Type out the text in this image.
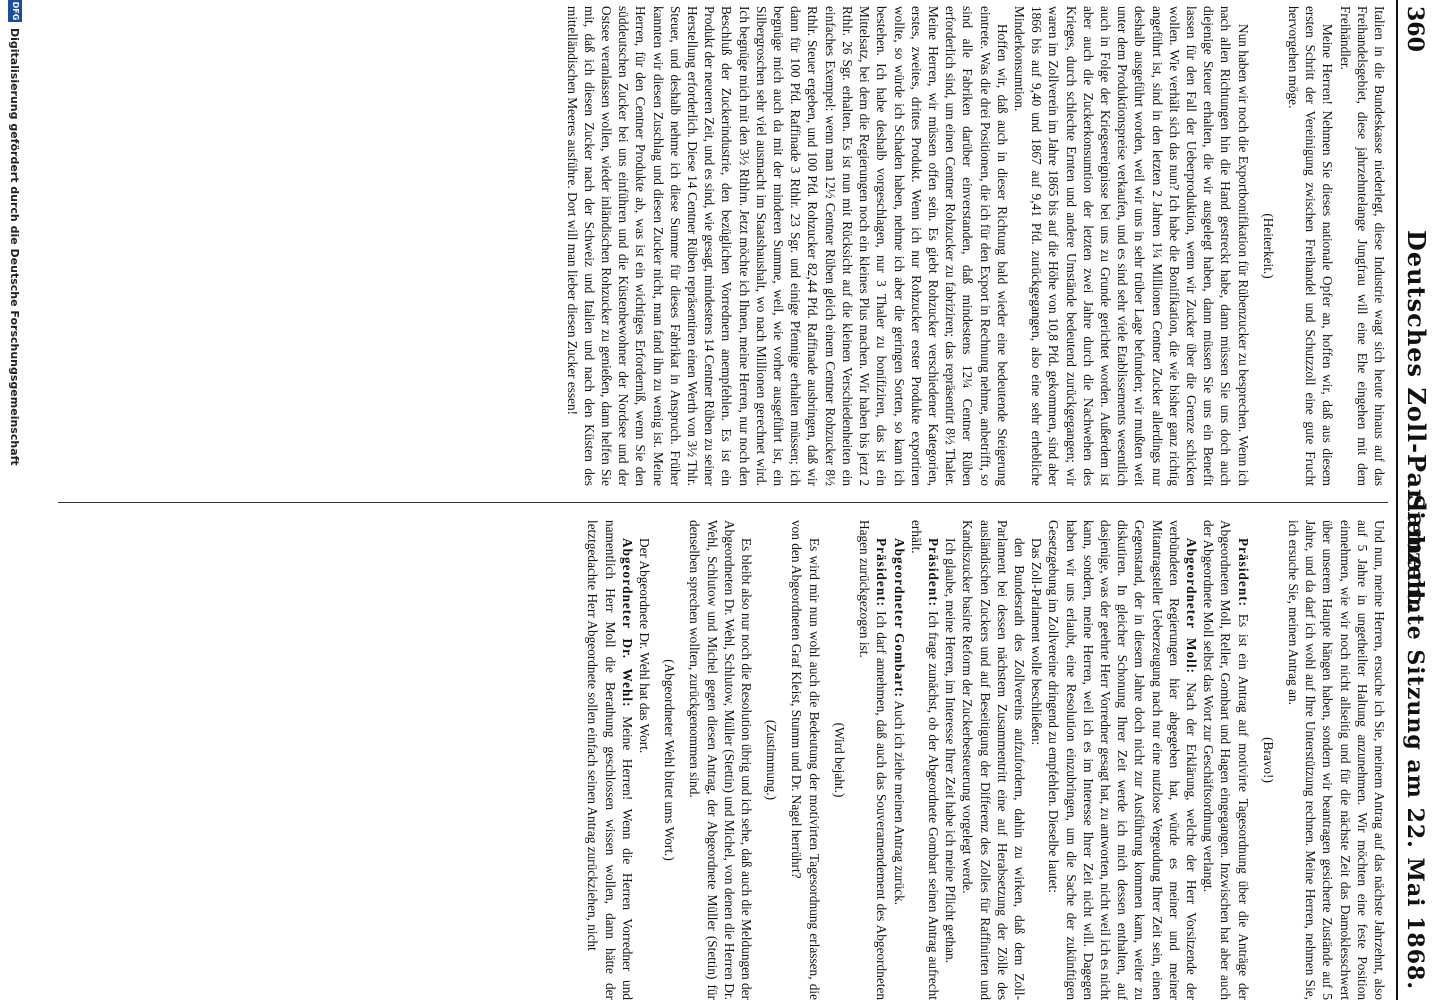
360
Deutsches Zoll-Parlament.
Siebzehnte Sitzung am 22. Mai 1868.

Italien in die Bundeskasse niederlegt, diese Industrie wagt sich heute hinaus auf das Freihandelsgebiet, diese jahrzehntelange Jungfrau will eine Ehe eingehen mit dem Freihändler.

Meine Herren! Nehmen Sie dieses nationale Opfer an, hoffen wir, daß aus diesem ersten Schritt der Vereinigung zwischen Freihandel und Schutzzoll eine gute Frucht hervorgehen möge.

(Heiterkeit.)

Nun haben wir noch die Exportbonifikation für Rübenzucker zu besprechen. Wenn ich nach allen Richtungen hin die Hand gestreckt habe, dann müssen Sie uns doch auch diejenige Steuer erhalten, die wir ausgelegt haben, dann müssen Sie uns ein Benefit lassen für den Fall der Ueberproduktion, wenn wir Zucker über die Grenze schicken wollen. Wie verhält sich das nun? Ich habe die Bonifikation, die wie bisher ganz richtig angeführt ist, sind in den letzten 2 Jahren 1¼ Millionen Centner Zucker allerdings nur deshalb ausgeführt worden, weil wir uns in sehr trüber Lage befunden; wir mußten weit unter dem Produktionspreise verkaufen, und es sind sehr viele Etablissements wesentlich auch in Folge der Kriegsereignisse bei uns zu Grunde gerichtet worden. Außerdem ist aber auch die Zuckerkonsumtion der letzten zwei Jahre durch die Nachwehen des Krieges, durch schlechte Ernten und andere Umstände bedeutend zurückgegangen; wir waren im Zollverein im Jahre 1865 bis auf die Höhe von 10,8 Pfd. gekommen, sind aber 1866 bis auf 9,40 und 1867 auf 9,41 Pfd. zurückgegangen, also eine sehr erhebliche Minderkonsumtion.

Hoffen wir, daß auch in dieser Richtung bald wieder eine bedeutende Steigerung eintrete. Was die drei Positionen, die ich für den Export in Rechnung nehme, anbetrifft, so sind alle Fabriken darüber einverstanden, daß mindestens 12¼ Centner Rüben erforderlich sind, um einen Centner Rohzucker zu fabriziren; das repräsentirt 8½ Thaler. Meine Herren, wir müssen offen sein. Es giebt Rohzucker verschiedener Kategorien, erstes, zweites, drittes Produkt. Wenn ich nur Rohzucker erster Produkte exportiren wollte, so würde ich Schaden haben, nehme ich aber die geringen Sorten, so kann ich bestehen. Ich habe deshalb vorgeschlagen, nur 3 Thaler zu bonifiziren, das ist ein Mittelsatz, bei dem die Regierungen noch ein kleines Plus machen. Wir haben bis jetzt 2 Rthlr. 26 Sgr. erhalten. Es ist nun mit Rücksicht auf die kleinen Verschiedenheiten ein einfaches Exempel: wenn man 12½ Centner Rüben gleich einem Centner Rohzucker 8½ Rthlr. Steuer ergeben, und 100 Pfd. Rohzucker 82,44 Pfd. Raffinade ausbringen, daß wir dann für 100 Pfd. Raffinade 3 Rthlr. 23 Sgr. und einige Pfennige erhalten müssen; ich begnüge mich auch da mit der minderen Summe, weil, wie vorher ausgeführt ist, ein Silbergroschen sehr viel ausmacht im Staatshaushalt, wo nach Millionen gerechnet wird. Ich begnüge mich mit den 3½ Rthlrn. Jetzt möchte ich Ihnen, meine Herren, nur noch den Beschluß der Zuckerindustrie, den bezüglichen Vorrednern anempfehlen. Es ist ein Produkt der neueren Zeit, und es sind, wie gesagt, mindestens 14 Centner Rüben zu seiner Herstellung erforderlich. Diese 14 Centner Rüben repräsentiren einen Werth von 3½ Thlr. Steuer, und deshalb nehme ich diese Summe für dieses Fabrikat in Anspruch. Früher kannten wir diesen Zuschlag und diesen Zucker nicht, man fand ihn zu wenig ist. Meine Herren, für den Centner Produkte ab, was ist ein wichtiges Erforderniß, wenn Sie den süddeutschen Zucker bei uns einführen und die Küstenbewohner der Nordsee und der Ostsee veranlassen wollen, wieder inländischen Rohzucker zu genießen, dann helfen Sie mit, daß ich diesen Zucker nach der Schweiz und Italien und nach den Küsten des mittelländischen Meeres ausführe. Dort will man lieber diesen Zucker essen!

Und nun, meine Herren, ersuche ich Sie, meinem Antrag auf das nächste Jahrzehnt, also auf 5 Jahre in ungetheilter Haltung anzunehmen. Wir möchten eine feste Position einnehmen, wie wir noch nicht allseitig und für die nächste Zeit das Damoklesschwert über unserem Haupte hängen haben, sondern wir beantragen gesicherte Zustände auf 5 Jahre, und da darf ich wohl auf Ihre Unterstützung rechnen. Meine Herren, nehmen Sie, ich ersuche Sie, meinen Antrag an.

(Bravo!)

Präsident: Es ist ein Antrag auf motivirte Tagesordnung über die Anträge der Abgeordneten Moll, Reller, Gombart und Hagen eingegangen. Inzwischen hat aber auch der Abgeordnete Moll selbst das Wort zur Geschäftsordnung verlangt.

Abgeordneter Moll: Nach der Erklärung, welche der Herr Vorsitzende der verbündeten Regierungen hier abgegeben hat, würde es meiner und meiner Mitantragsteller Ueberzeugung nach nur eine nutzlose Vergeudung Ihrer Zeit sein, einen Gegenstand, der in diesem Jahre doch nicht zur Ausführung kommen kann, weiter zu diskutiren. In gleicher Schonung Ihrer Zeit werde ich mich dessen enthalten, auf dasjenige, was der geehrte Herr Vorredner gesagt hat, zu antworten, nicht weil ich es nicht kann, sondern, meine Herren, weil ich es im Interesse Ihrer Zeit nicht will. Dagegen haben wir uns erlaubt, eine Resolution einzubringen, um die Sache der zukünftigen Gesetzgebung im Zollvereine dringend zu empfehlen. Dieselbe lautet:

Das Zoll-Parlament wolle beschließen:

den Bundesrath des Zollvereins aufzufordern, dahin zu wirken, daß dem Zoll-Parlament bei dessen nächstem Zusammentritt eine auf Herabsetzung der Zölle des ausländischen Zuckers und auf Beseitigung der Differenz des Zolles für Raffinirten und Kandiszucker basirte Reform der Zuckerbesteuerung vorgelegt werde.

Ich glaube, meine Herren, im Interesse Ihrer Zeit habe ich meine Pflicht gethan.

Präsident: Ich frage zunächst, ob der Abgeordnete Gombart seinen Antrag aufrecht erhält.

Abgeordneter Gombart: Auch ich ziehe meinen Antrag zurück.

Präsident: Ich darf annehmen, daß auch das Souveramendement des Abgeordneten Hagen zurückgezogen ist.

(Wird bejaht.)

Es wird mir nun wohl auch die Bedeutung der motivirten Tagesordnung erlassen, die von den Abgeordneten Graf Kleist, Stumm und Dr. Nagel herrührt?

(Zustimmung.)

Es bleibt also nur noch die Resolution übrig und ich sehe, daß auch die Meldungen der Abgeordneten Dr. Wehl, Schlutow, Müller (Stettin) und Michel, von denen die Herren Dr. Wehl, Schlutow und Michel gegen diesen Antrag, der Abgeordnete Müller (Stettin) für denselben sprechen wollten, zurückgenommen sind.

(Abgeordneter Wehl bittet ums Wort.)

Der Abgeordnete Dr. Wehl hat das Wort.

Abgeordneter Dr. Wehl: Meine Herren! Wenn die Herren Vorredner und namentlich Herr Moll die Berathung geschlossen wissen wollen, dann hätte der letztgedachte Herr Abgeordnete sollen einfach seinen Antrag zurückziehen, nicht

DFG
Digitalisierung gefördert durch die Deutsche Forschungsgemeinschaft
